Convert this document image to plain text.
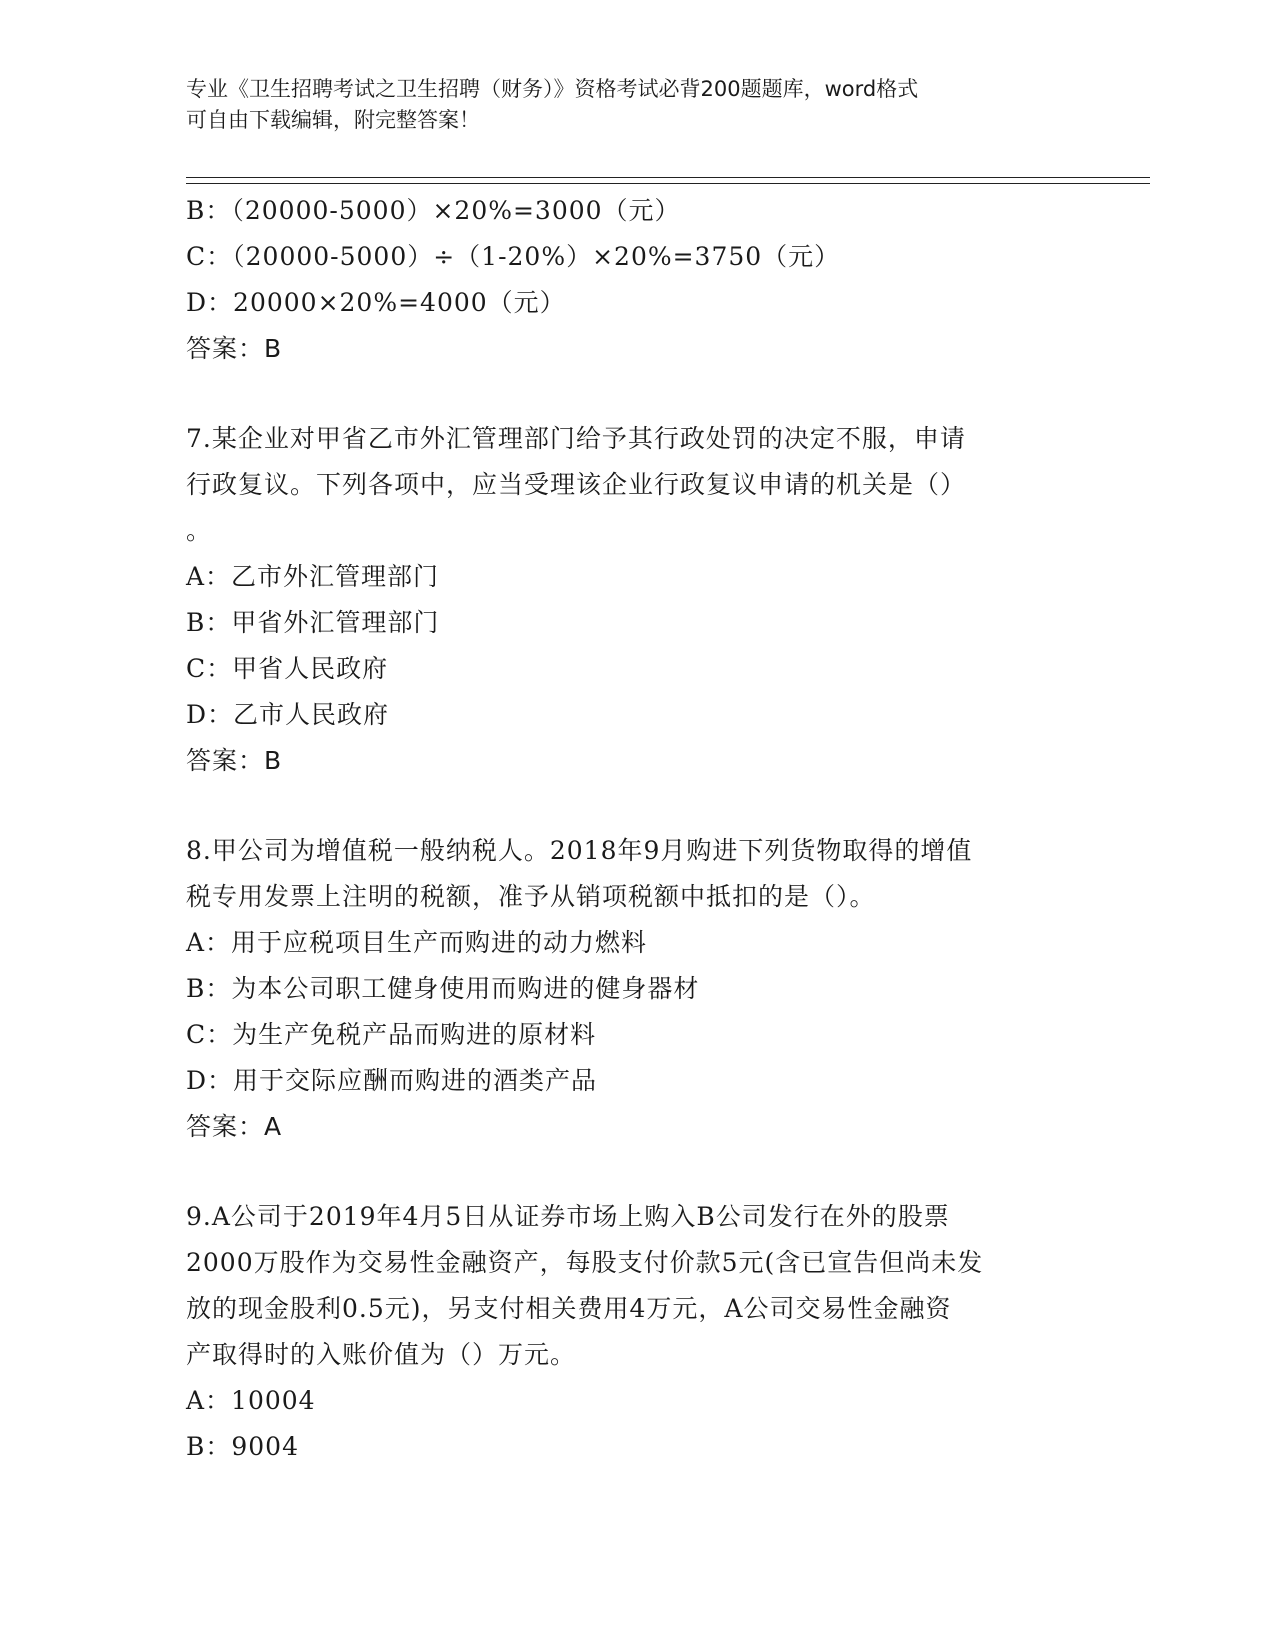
专业《卫生招聘考试之卫生招聘（财务）》资格考试必背200题题库，word格式
可自由下载编辑，附完整答案！
B：（20000-5000）×20%=3000（元）
C：（20000-5000）÷（1-20%）×20%=3750（元）
D：20000×20%=4000（元）
答案：B
7.某企业对甲省乙市外汇管理部门给予其行政处罚的决定不服，申请
行政复议。下列各项中，应当受理该企业行政复议申请的机关是（）
。
A：乙市外汇管理部门
B：甲省外汇管理部门
C：甲省人民政府
D：乙市人民政府
答案：B
8.甲公司为增值税一般纳税人。2018年9月购进下列货物取得的增值
税专用发票上注明的税额，准予从销项税额中抵扣的是（）。
A：用于应税项目生产而购进的动力燃料
B：为本公司职工健身使用而购进的健身器材
C：为生产免税产品而购进的原材料
D：用于交际应酬而购进的酒类产品
答案：A
9.A公司于2019年4月5日从证券市场上购入B公司发行在外的股票
2000万股作为交易性金融资产，每股支付价款5元(含已宣告但尚未发
放的现金股利0.5元)，另支付相关费用4万元，A公司交易性金融资
产取得时的入账价值为（）万元。
A：10004
B：9004
